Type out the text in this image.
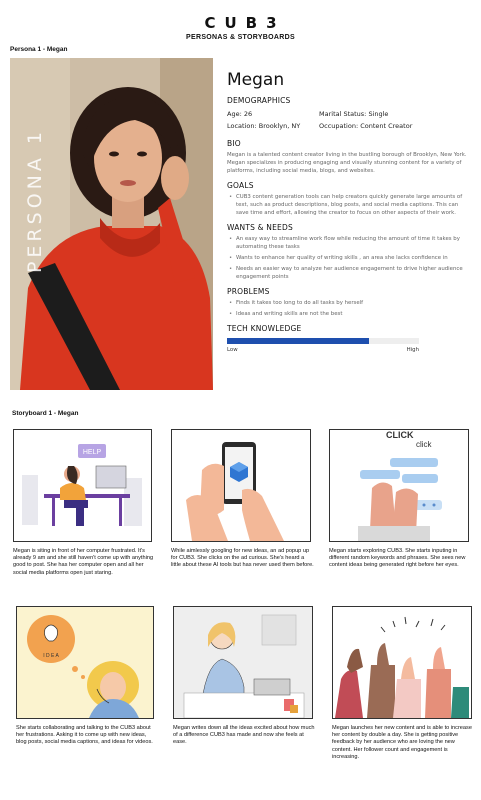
CUB3
PERSONAS & STORYBOARDS
Persona 1 - Megan
PERSONA 1
Megan
DEMOGRAPHICS
Age: 26	Marital Status: Single
Location: Brooklyn, NY	Occupation: Content Creator
BIO
Megan is a talented content creator living in the bustling borough of Brooklyn, New York. Megan specializes in producing engaging and visually stunning content for a variety of platforms, including social media, blogs, and websites.
GOALS
• CUB3 content generation tools can help creators quickly generate large amounts of text, such as product descriptions, blog posts, and social media captions. This can save time and effort, allowing the creator to focus on other aspects of their work.
WANTS & NEEDS
• An easy way to streamline work flow while reducing the amount of time it takes by automating these tasks
• Wants to enhance her quality of writing skills , an area she lacks confidence in
• Needs an easier way to analyze her audience engagement to drive higher audience engagement points
PROBLEMS
• Finds it takes too long to do all tasks by herself
• Ideas and writing skills are not the best
TECH KNOWLEDGE
Low	High
Storyboard 1 - Megan
HELP
Megan is siting in front of her computer frustrated. It's already 9 am and she still haven't come up with anything good to post. She has her computer open and all her social media platforms open just staring.
While aimlessly googling for new ideas, an ad popup up for CUB3. She clicks on the ad curious. She's heard a little about these AI tools but has never used them before.
CLICK
click
Megan starts exploring CUB3. She starts inputing in different random keywords and phrases. She sees new content ideas being generated right before her eyes.
I D E A
She starts collaborating and talking to the CUB3 about her frustrations. Asking it to come up with new ideas, blog posts, social media captions, and ideas for videos.
Megan writes down all the ideas excited about how much of a difference CUB3 has made and now she feels at ease.
Megan launches her new content and is able to increase her content by double a day. She is getting positive feedback by her audience who are loving the new content. Her follower count and engagement is increasing.
